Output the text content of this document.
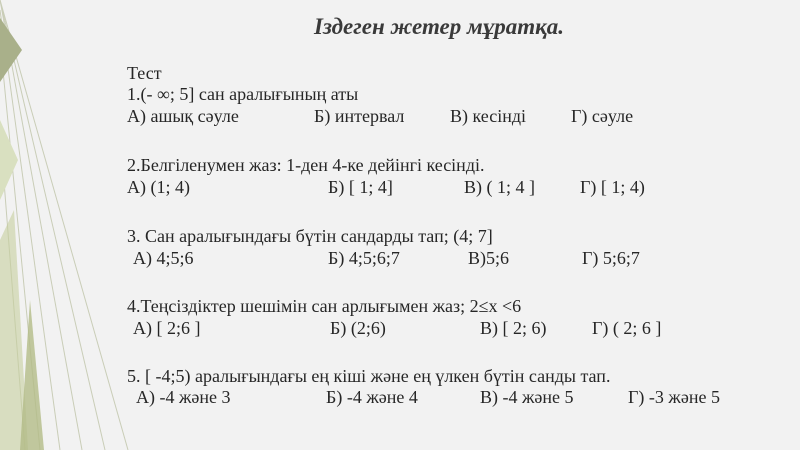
Іздеген жетер мұратқа.
Тест
1.(- ∞; 5] сан аралығының аты
А) ашық сәуле	Б) интервал	В) кесінді Г) сәуле
2.Белгіленумен жаз: 1-ден 4-ке дейінгі кесінді.
А) (1; 4)	Б) [ 1; 4]	В) ( 1; 4 ]	Г) [ 1; 4)
3. Сан аралығындағы бүтін сандарды тап; (4; 7]
А) 4;5;6	Б) 4;5;6;7	В)5;6	Г) 5;6;7
4.Теңсіздіктер шешімін сан арлығымен жаз; 2≤х <6
А) [ 2;6 ]	Б) (2;6)	В) [ 2; 6)	Г) ( 2; 6 ]
5. [ -4;5) аралығындағы ең кіші және ең үлкен бүтін санды тап.
А) -4 және 3	Б) -4 және 4	В) -4 және 5	Г) -3 және 5
